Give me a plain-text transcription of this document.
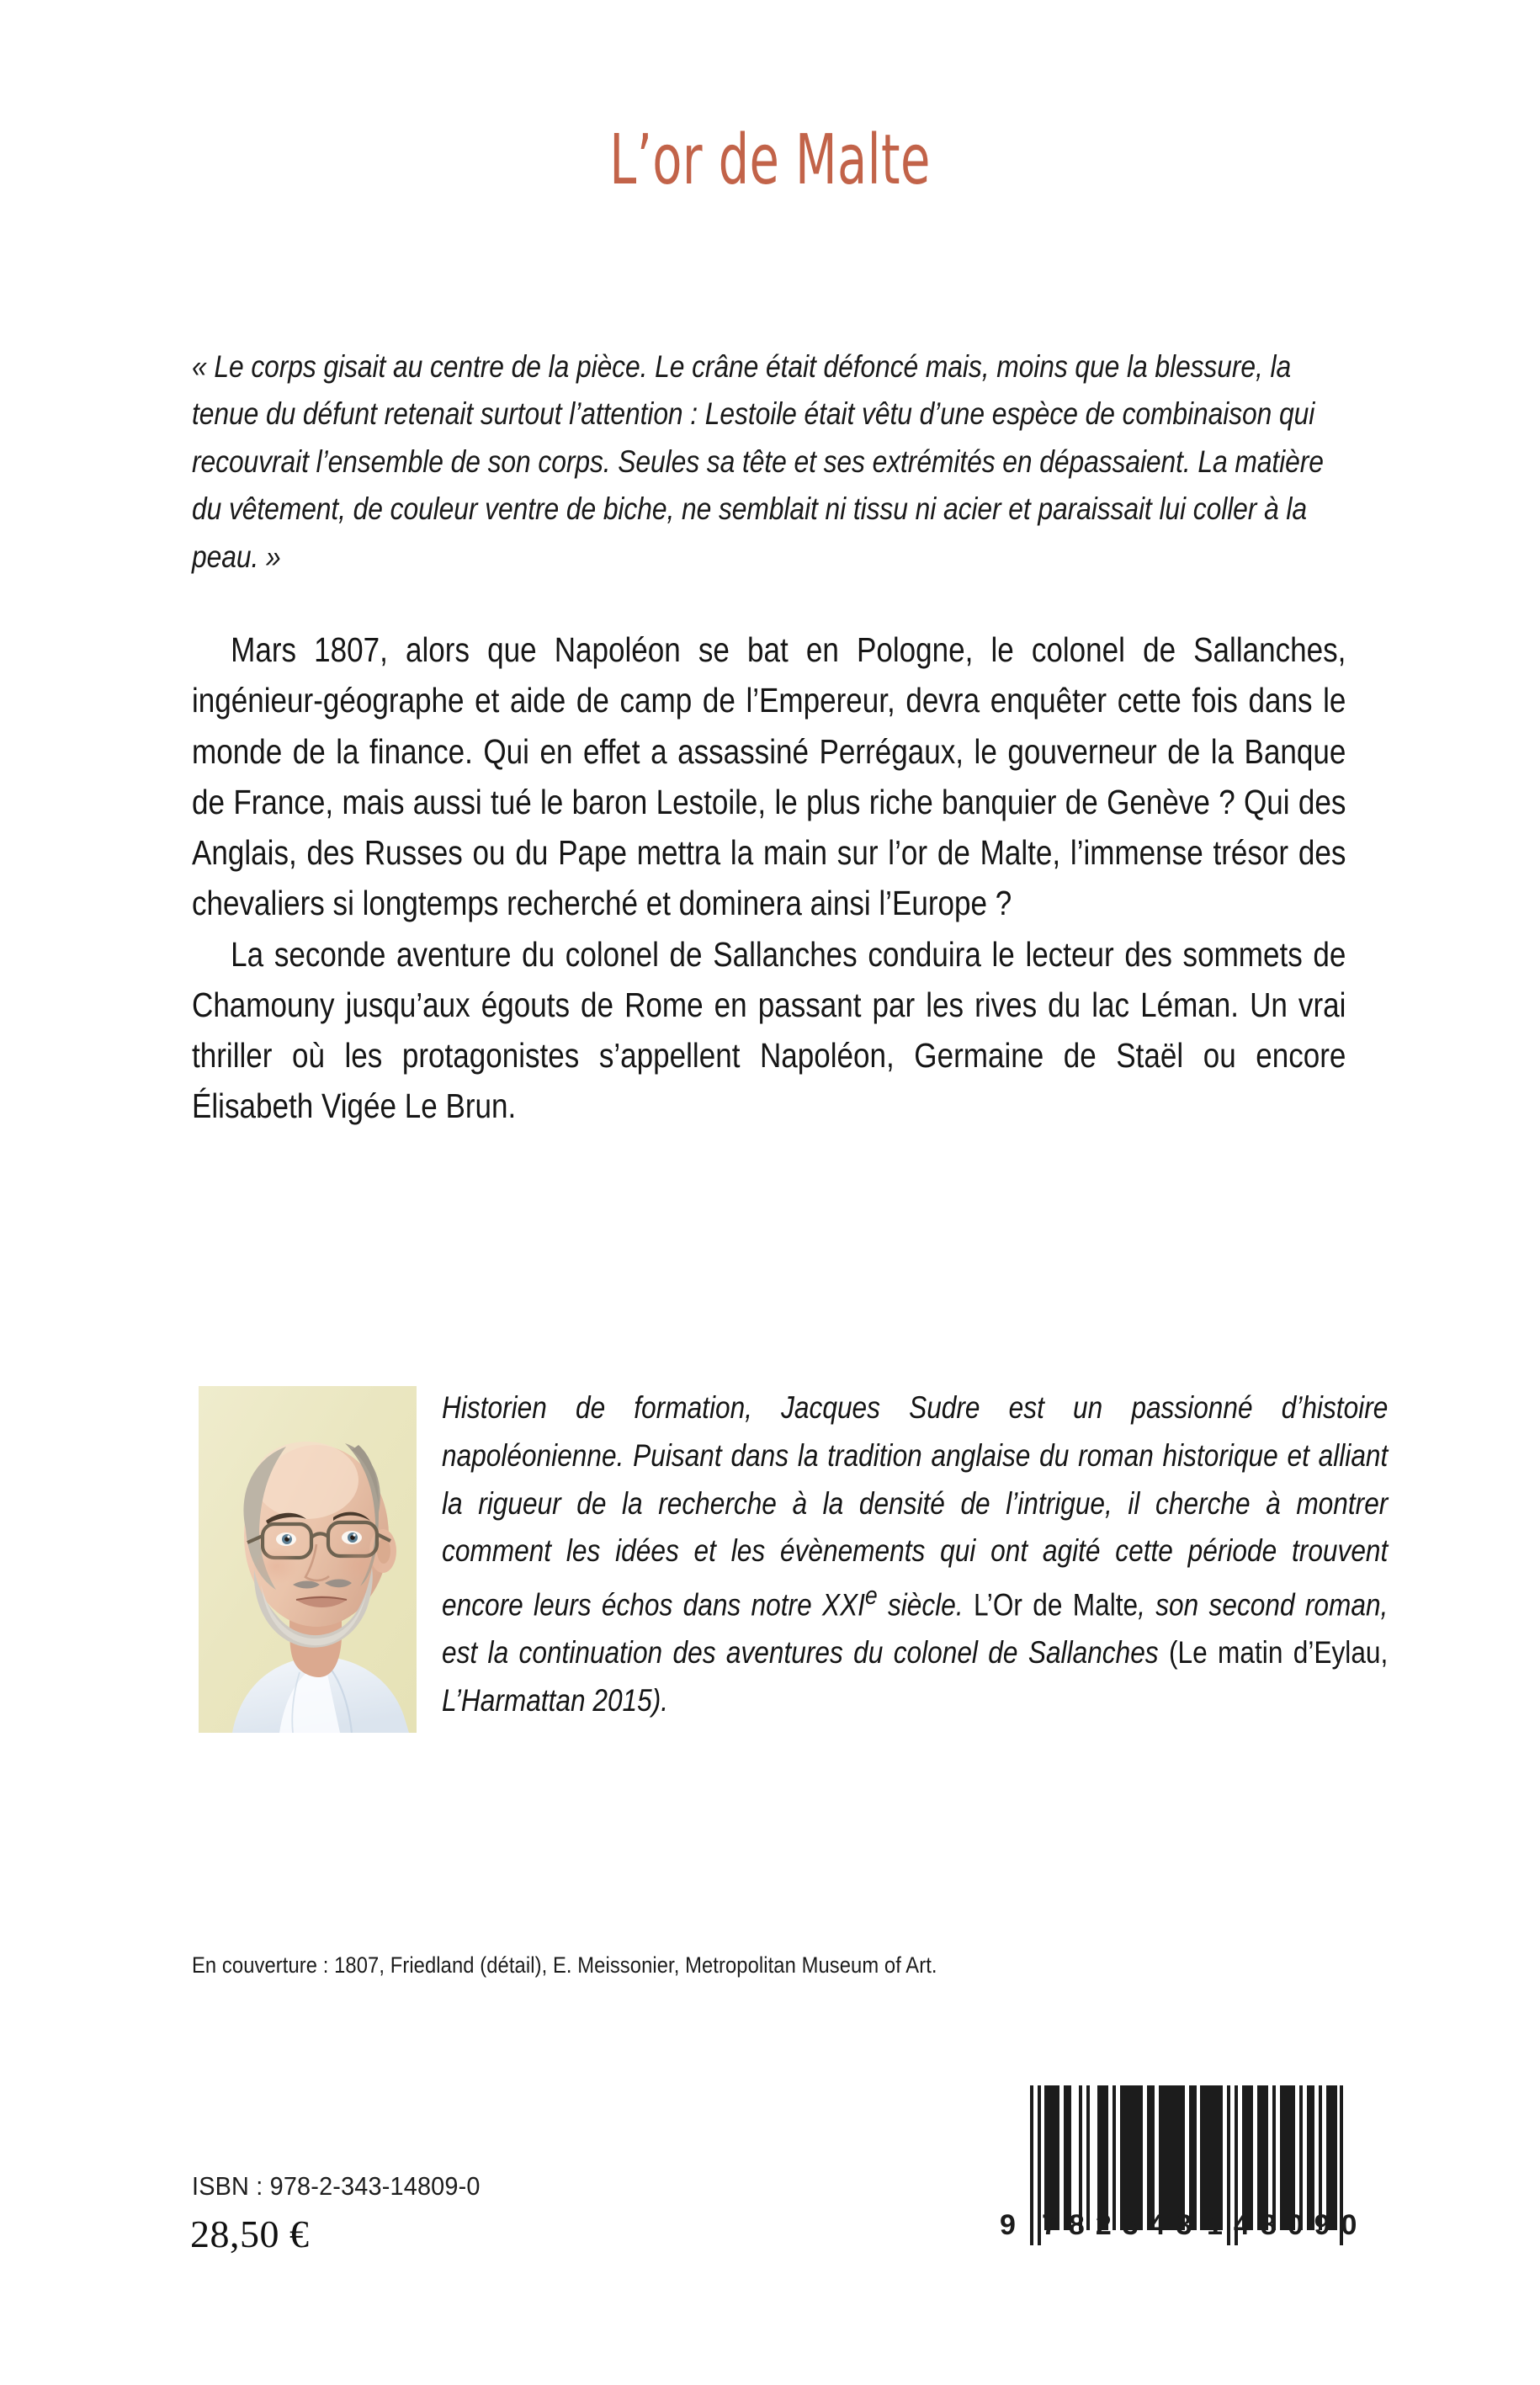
L’or de Malte
« Le corps gisait au centre de la pièce. Le crâne était défoncé mais, moins que la blessure, la tenue du défunt retenait surtout l’attention : Lestoile était vêtu d’une espèce de combinaison qui recouvrait l’ensemble de son corps. Seules sa tête et ses extrémités en dépassaient. La matière du vêtement, de couleur ventre de biche, ne semblait ni tissu ni acier et paraissait lui coller à la peau. »

Mars 1807, alors que Napoléon se bat en Pologne, le colonel de Sallanches, ingénieur-géographe et aide de camp de l’Empereur, devra enquêter cette fois dans le monde de la finance. Qui en effet a assassiné Perrégaux, le gouverneur de la Banque de France, mais aussi tué le baron Lestoile, le plus riche banquier de Genève ? Qui des Anglais, des Russes ou du Pape mettra la main sur l’or de Malte, l’immense trésor des chevaliers si longtemps recherché et dominera ainsi l’Europe ?

La seconde aventure du colonel de Sallanches conduira le lecteur des sommets de Chamouny jusqu’aux égouts de Rome en passant par les rives du lac Léman. Un vrai thriller où les protagonistes s’appellent Napoléon, Germaine de Staël ou encore Élisabeth Vigée Le Brun.

Historien de formation, Jacques Sudre est un passionné d’histoire napoléonienne. Puisant dans la tradition anglaise du roman historique et alliant la rigueur de la recherche à la densité de l’intrigue, il cherche à montrer comment les idées et les évènements qui ont agité cette période trouvent encore leurs échos dans notre XXIe siècle. L’Or de Malte, son second roman, est la continuation des aventures du colonel de Sallanches (Le matin d’Eylau, L’Harmattan 2015).
En couverture : 1807, Friedland (détail), E. Meissonier, Metropolitan Museum of Art.
9 782343 148090
ISBN : 978-2-343-14809-0
28,50 €
